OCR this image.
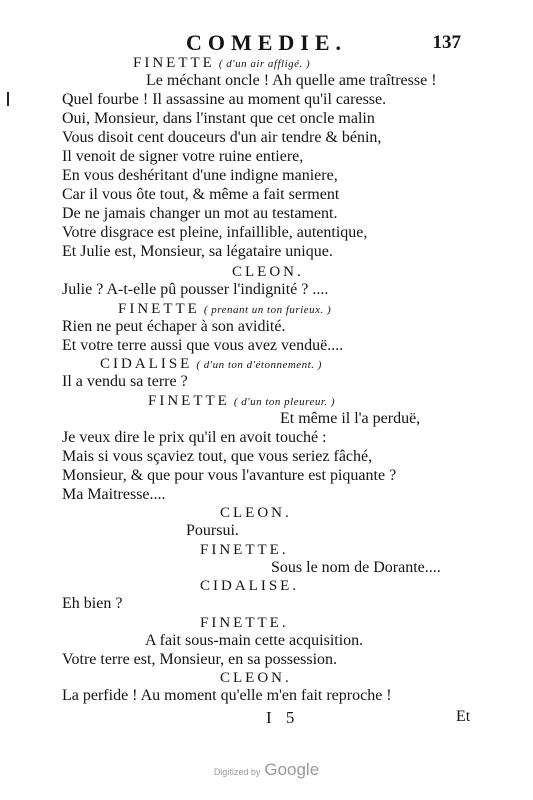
COMEDIE.	137
FINETTE ( d'un air affligé. )
Le méchant oncle ! Ah quelle ame traîtresse !
Quel fourbe ! Il assassine au moment qu'il caresse.
Oui, Monsieur, dans l'instant que cet oncle malin
Vous disoit cent douceurs d'un air tendre & bénin,
Il venoit de signer votre ruine entiere,
En vous deshéritant d'une indigne maniere,
Car il vous ôte tout, & même a fait serment
De ne jamais changer un mot au testament.
Votre disgrace est pleine, infaillible, autentique,
Et Julie est, Monsieur, sa légataire unique.
CLEON.
Julie ? A-t-elle pû pousser l'indignité ? ....
FINETTE ( prenant un ton furieux. )
Rien ne peut échaper à son avidité.
Et votre terre aussi que vous avez venduë....
CIDALISE ( d'un ton d'étonnement. )
Il a vendu sa terre ?
FINETTE ( d'un ton pleureur. )
Et même il l'a perduë,
Je veux dire le prix qu'il en avoit touché :
Mais si vous sçaviez tout, que vous seriez fâché,
Monsieur, & que pour vous l'avanture est piquante ?
Ma Maitresse....
CLEON.
Poursui.
FINETTE.
Sous le nom de Dorante....
CIDALISE.
Eh bien ?
FINETTE.
A fait sous-main cette acquisition.
Votre terre est, Monsieur, en sa possession.
CLEON.
La perfide ! Au moment qu'elle m'en fait reproche !
I 5	Et
Digitized by Google
